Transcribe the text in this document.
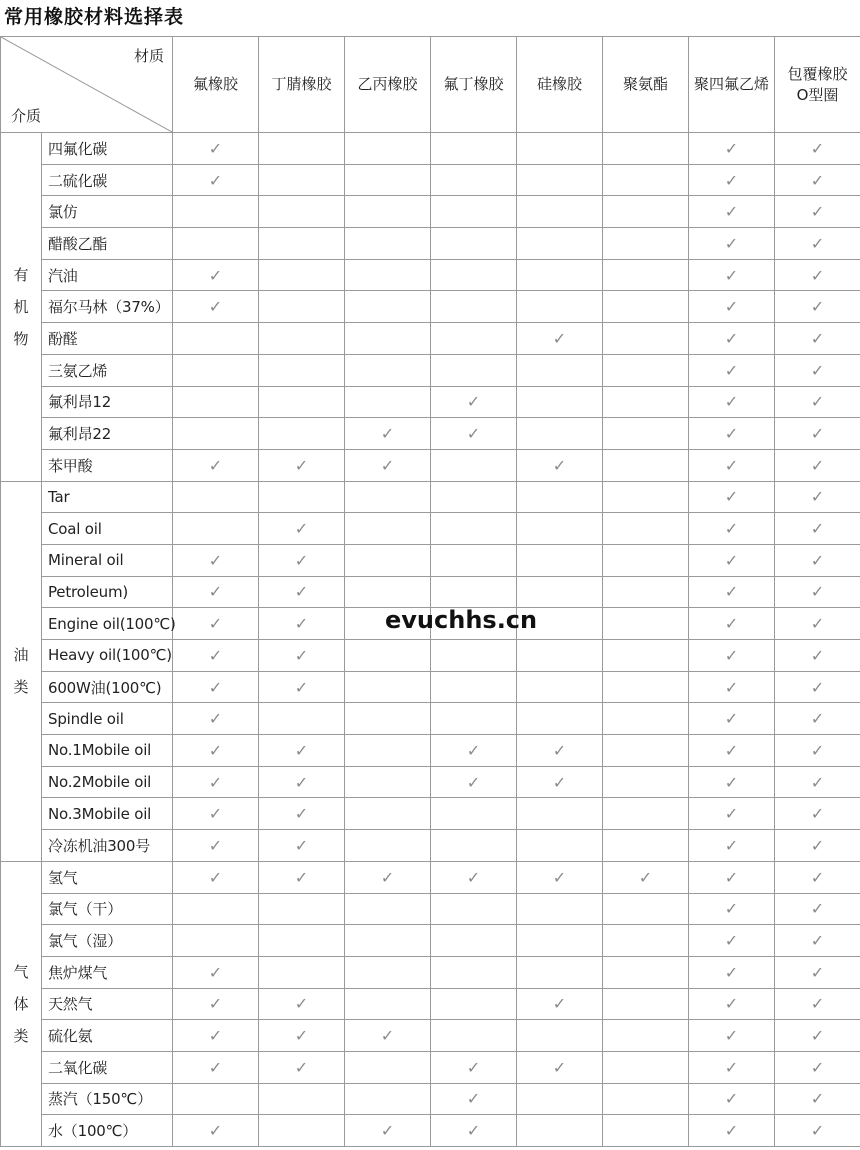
常用橡胶材料选择表
材质
介质		氟橡胶	丁腈橡胶	乙丙橡胶	氟丁橡胶	硅橡胶	聚氨酯	聚四氟乙烯	包覆橡胶O型圈

有
机
物	四氟化碳	✓						✓	✓
	二硫化碳	✓						✓	✓
	氯仿							✓	✓
	醋酸乙酯							✓	✓
	汽油	✓						✓	✓
	福尔马林（37%）	✓						✓	✓
	酚醛					✓		✓	✓
	三氨乙烯							✓	✓
	氟利昂12				✓			✓	✓
	氟利昂22			✓	✓			✓	✓
	苯甲酸	✓	✓	✓		✓		✓	✓

油
类	Tar							✓	✓
	Coal oil		✓					✓	✓
	Mineral oil	✓	✓					✓	✓
	Petroleum)	✓	✓					✓	✓
	Engine oil(100℃)	✓	✓					✓	✓
	Heavy oil(100℃)	✓	✓					✓	✓
	600W油(100℃)	✓	✓					✓	✓
	Spindle oil	✓						✓	✓
	No.1Mobile oil	✓	✓		✓	✓		✓	✓
	No.2Mobile oil	✓	✓		✓	✓		✓	✓
	No.3Mobile oil	✓	✓					✓	✓
	冷冻机油300号	✓	✓					✓	✓

气
体
类	氢气	✓	✓	✓	✓	✓	✓	✓	✓
	氯气（干）							✓	✓
	氯气（湿）							✓	✓
	焦炉煤气	✓						✓	✓
	天然气	✓	✓			✓		✓	✓
	硫化氨	✓	✓	✓				✓	✓
	二氧化碳	✓	✓		✓	✓		✓	✓
	蒸汽（150℃）				✓			✓	✓
	水（100℃）	✓		✓	✓			✓	✓
evuchhs.cn
